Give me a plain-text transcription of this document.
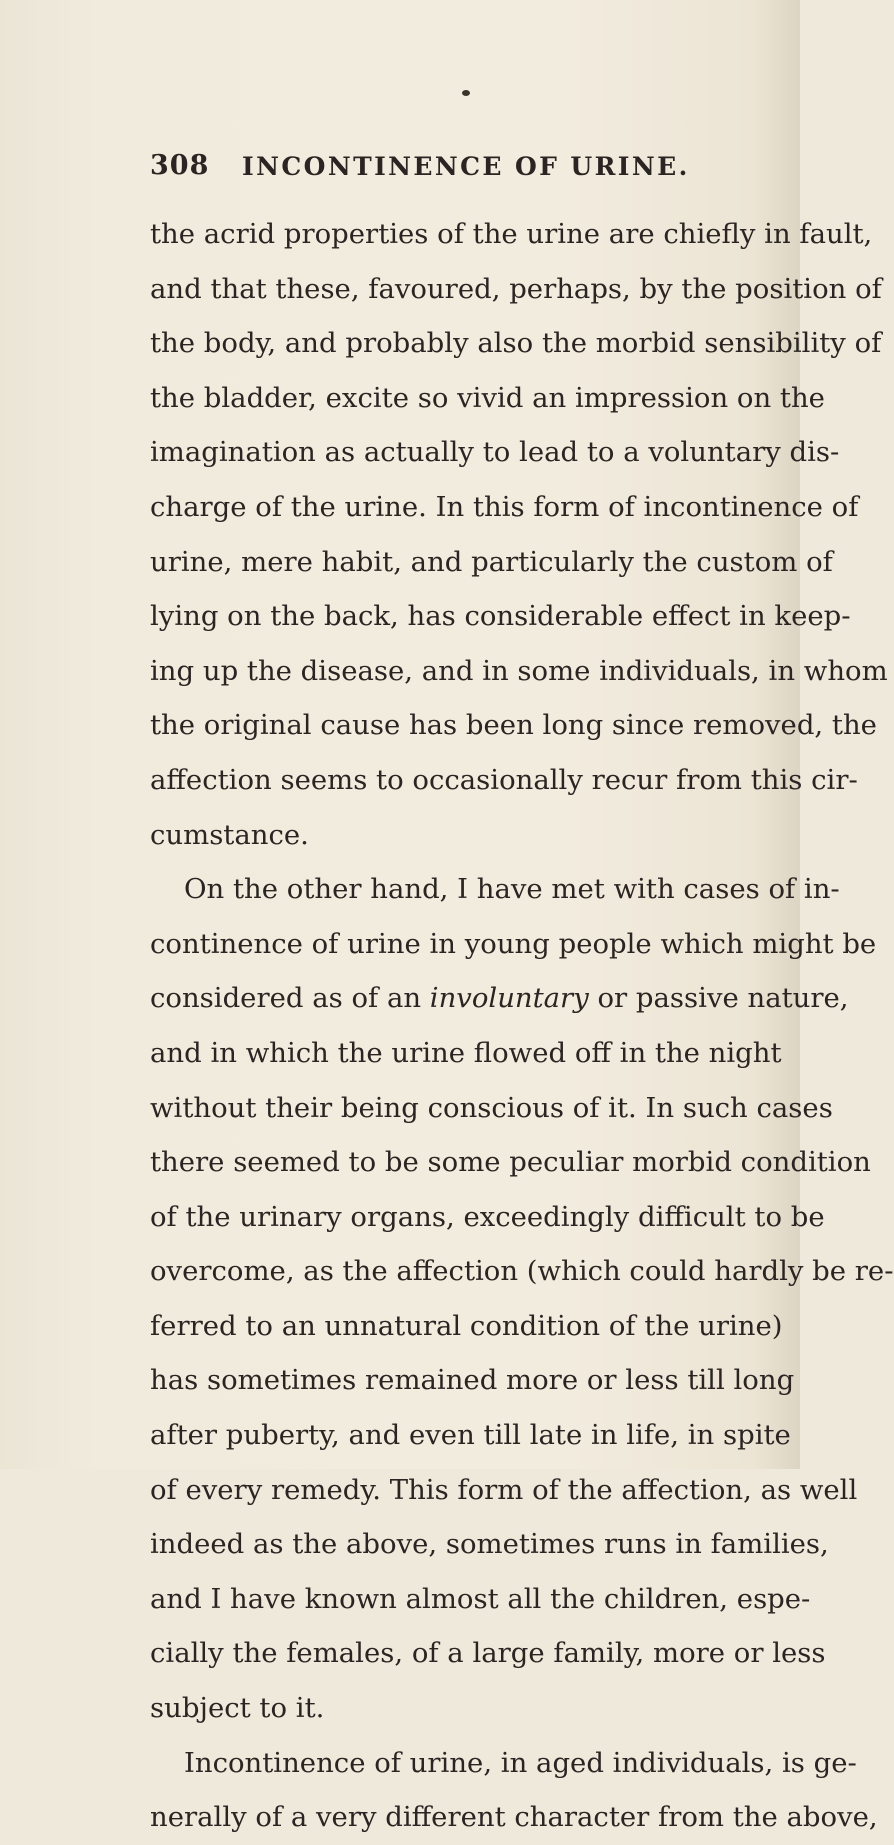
308 INCONTINENCE OF URINE.
the acrid properties of the urine are chiefly in fault,
and that these, favoured, perhaps, by the position of
the body, and probably also the morbid sensibility of
the bladder, excite so vivid an impression on the
imagination as actually to lead to a voluntary dis-
charge of the urine. In this form of incontinence of
urine, mere habit, and particularly the custom of
lying on the back, has considerable effect in keep-
ing up the disease, and in some individuals, in whom
the original cause has been long since removed, the
affection seems to occasionally recur from this cir-
cumstance.
On the other hand, I have met with cases of in-
continence of urine in young people which might be
considered as of an involuntary or passive nature,
and in which the urine flowed off in the night
without their being conscious of it. In such cases
there seemed to be some peculiar morbid condition
of the urinary organs, exceedingly difficult to be
overcome, as the affection (which could hardly be re-
ferred to an unnatural condition of the urine)
has sometimes remained more or less till long
after puberty, and even till late in life, in spite
of every remedy. This form of the affection, as well
indeed as the above, sometimes runs in families,
and I have known almost all the children, espe-
cially the females, of a large family, more or less
subject to it.
Incontinence of urine, in aged individuals, is ge-
nerally of a very different character from the above,
